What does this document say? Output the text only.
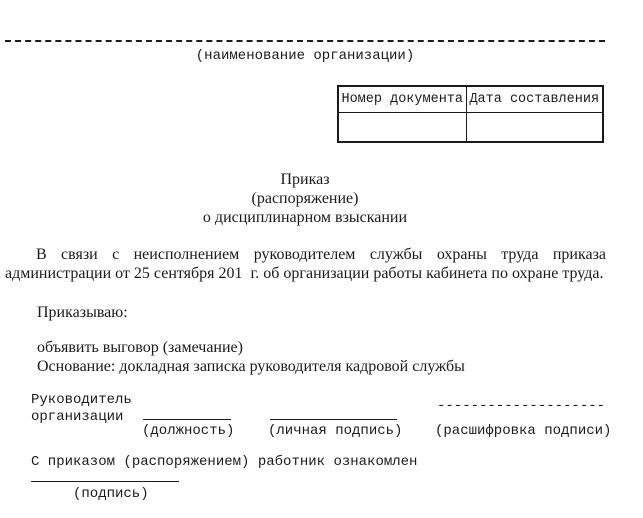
(наименование организации)
Номер документа	Дата составления

Приказ
(распоряжение)
о дисциплинарном взыскании
В связи с неисполнением руководителем службы охраны труда приказа
администрации от 25 сентября 201  г. об организации работы кабинета по охране труда.
Приказываю:
объявить выговор (замечание)
Основание: докладная записка руководителя кадровой службы
Руководитель
организации
--------------------
(должность) (личная подпись) (расшифровка подписи)
С приказом (распоряжением) работник ознакомлен
(подпись)
